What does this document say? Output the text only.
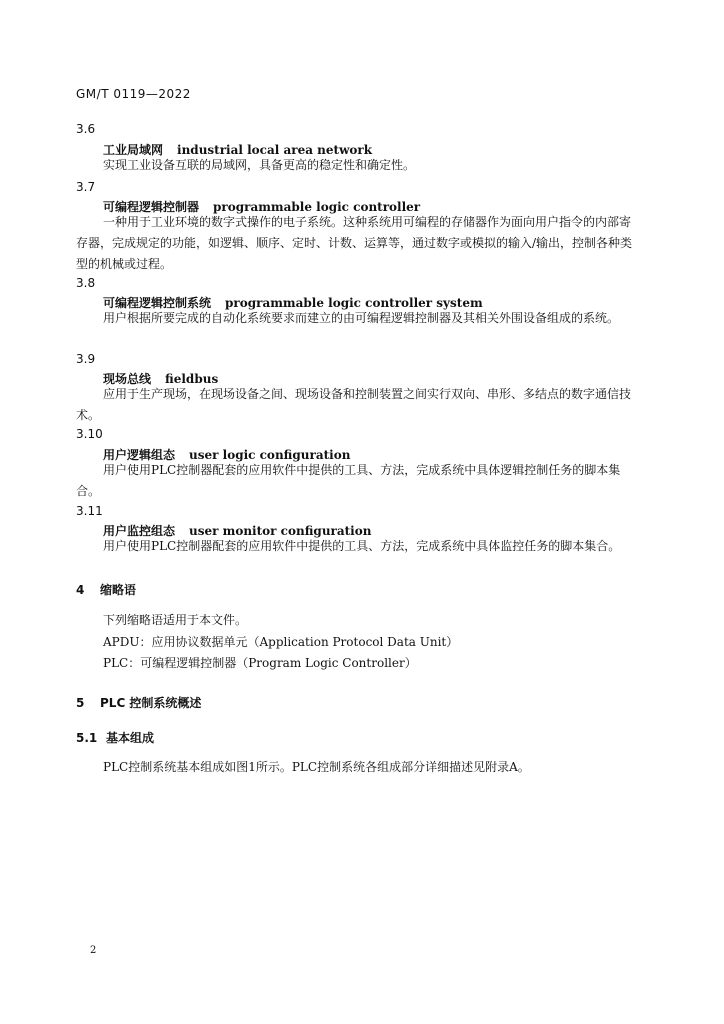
GM/T 0119—2022
3.6
工业局域网 industrial local area network
实现工业设备互联的局域网，具备更高的稳定性和确定性。
3.7
可编程逻辑控制器 programmable logic controller
一种用于工业环境的数字式操作的电子系统。这种系统用可编程的存储器作为面向用户指令的内部寄存器，完成规定的功能，如逻辑、顺序、定时、计数、运算等，通过数字或模拟的输入/输出，控制各种类型的机械或过程。
3.8
可编程逻辑控制系统 programmable logic controller system
用户根据所要完成的自动化系统要求而建立的由可编程逻辑控制器及其相关外围设备组成的系统。
3.9
现场总线 fieldbus
应用于生产现场，在现场设备之间、现场设备和控制装置之间实行双向、串形、多结点的数字通信技术。
3.10
用户逻辑组态 user logic configuration
用户使用PLC控制器配套的应用软件中提供的工具、方法，完成系统中具体逻辑控制任务的脚本集合。
3.11
用户监控组态 user monitor configuration
用户使用PLC控制器配套的应用软件中提供的工具、方法，完成系统中具体监控任务的脚本集合。
4 缩略语
下列缩略语适用于本文件。
APDU：应用协议数据单元（Application Protocol Data Unit）
PLC：可编程逻辑控制器（Program Logic Controller）
5 PLC 控制系统概述
5.1 基本组成
PLC控制系统基本组成如图1所示。PLC控制系统各组成部分详细描述见附录A。
2
